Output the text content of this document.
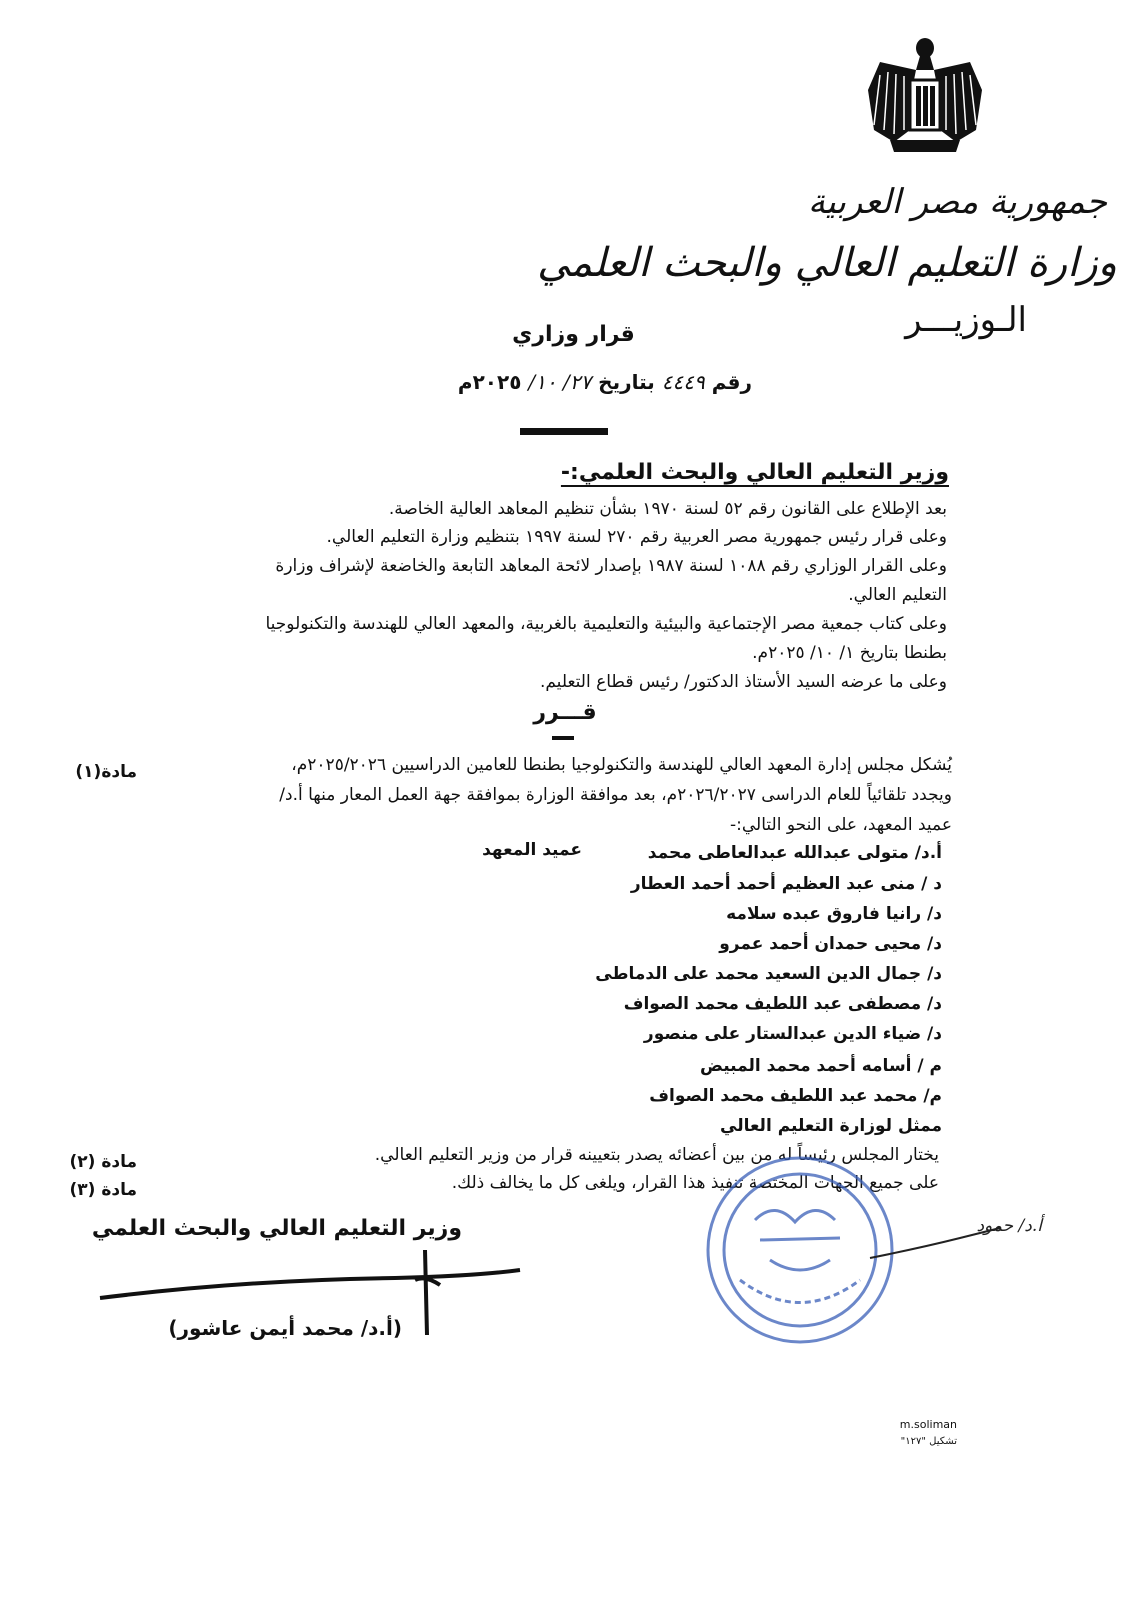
جمهورية مصر العربية
وزارة التعليم العالي والبحث العلمي
الـوزيـــر
قرار وزاري
رقم ٤٤٤٩ بتاريخ ٢٧/ ١٠/ ٢٠٢٥م
وزير التعليم العالي والبحث العلمي:-
بعد الإطلاع على القانون رقم ٥٢ لسنة ١٩٧٠ بشأن تنظيم المعاهد العالية الخاصة.
وعلى قرار رئيس جمهورية مصر العربية رقم ٢٧٠ لسنة ١٩٩٧ بتنظيم وزارة التعليم العالي.
وعلى القرار الوزاري رقم ١٠٨٨ لسنة ١٩٨٧ بإصدار لائحة المعاهد التابعة والخاضعة لإشراف وزارة
التعليم العالي.
وعلى كتاب جمعية مصر الإجتماعية والبيئية والتعليمية بالغربية، والمعهد العالي للهندسة والتكنولوجيا
بطنطا بتاريخ ١/ ١٠/ ٢٠٢٥م.
وعلى ما عرضه السيد الأستاذ الدكتور/ رئيس قطاع التعليم.
قـــرر
مادة(١)	يُشكل مجلس إدارة المعهد العالي للهندسة والتكنولوجيا بطنطا للعامين الدراسيين ٢٠٢٥/٢٠٢٦م،
ويجدد تلقائياً للعام الدراسى ٢٠٢٦/٢٠٢٧م، بعد موافقة الوزارة بموافقة جهة العمل المعار منها أ.د/
عميد المعهد، على النحو التالي:-
أ.د/ متولى عبدالله عبدالعاطى محمد
عميد المعهد
د / منى عبد العظيم أحمد أحمد العطار
د/ رانيا فاروق عبده سلامه
د/ محيى حمدان أحمد عمرو
د/ جمال الدين السعيد محمد على الدماطى
د/ مصطفى عبد اللطيف محمد الصواف
د/ ضياء الدين عبدالستار على منصور
م / أسامه أحمد محمد المبيض
م/ محمد عبد اللطيف محمد الصواف
ممثل لوزارة التعليم العالي
مادة (٢)	يختار المجلس رئيساً له من بين أعضائه يصدر بتعيينه قرار من وزير التعليم العالي.
مادة (٣)	على جميع الجهات المختصة تنفيذ هذا القرار، ويلغى كل ما يخالف ذلك.
أ.د/ حمود
وزير التعليم العالي والبحث العلمي
(أ.د/ محمد أيمن عاشور)
m.soliman
تشكيل "١٢٧"
